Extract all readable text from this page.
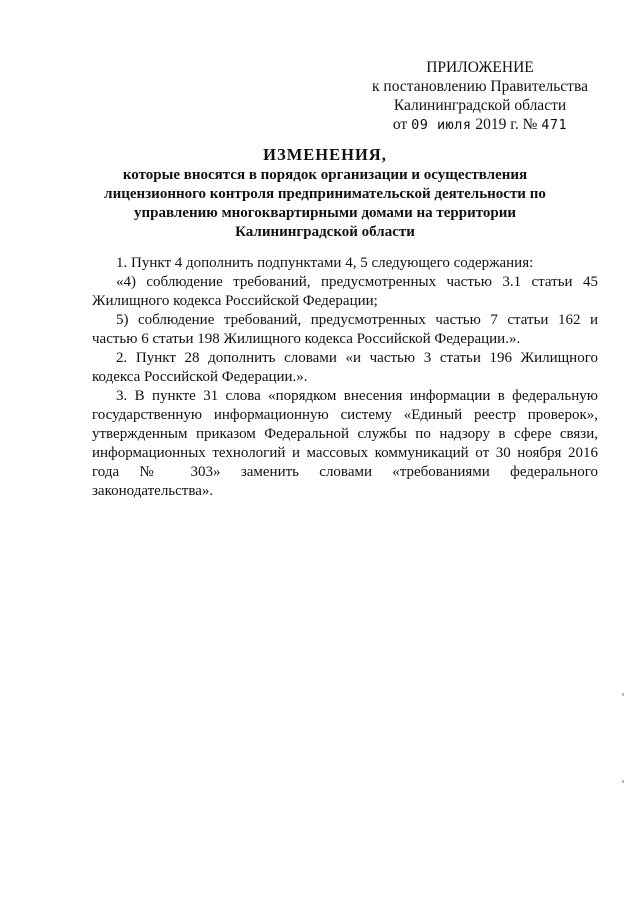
ПРИЛОЖЕНИЕ
к постановлению Правительства
Калининградской области
от 09 июля 2019 г. № 471
ИЗМЕНЕНИЯ,
которые вносятся в порядок организации и осуществления
лицензионного контроля предпринимательской деятельности по
управлению многоквартирными домами на территории
Калининградской области

1. Пункт 4 дополнить подпунктами 4, 5 следующего содержания:

«4) соблюдение требований, предусмотренных частью 3.1 статьи 45 Жилищного кодекса Российской Федерации;

5) соблюдение требований, предусмотренных частью 7 статьи 162 и частью 6 статьи 198 Жилищного кодекса Российской Федерации.».

2. Пункт 28 дополнить словами «и частью 3 статьи 196 Жилищного кодекса Российской Федерации.».

3. В пункте 31 слова «порядком внесения информации в федеральную государственную информационную систему «Единый реестр проверок», утвержденным приказом Федеральной службы по надзору в сфере связи, информационных технологий и массовых коммуникаций от 30 ноября 2016 года № 303» заменить словами «требованиями федерального законодательства».
